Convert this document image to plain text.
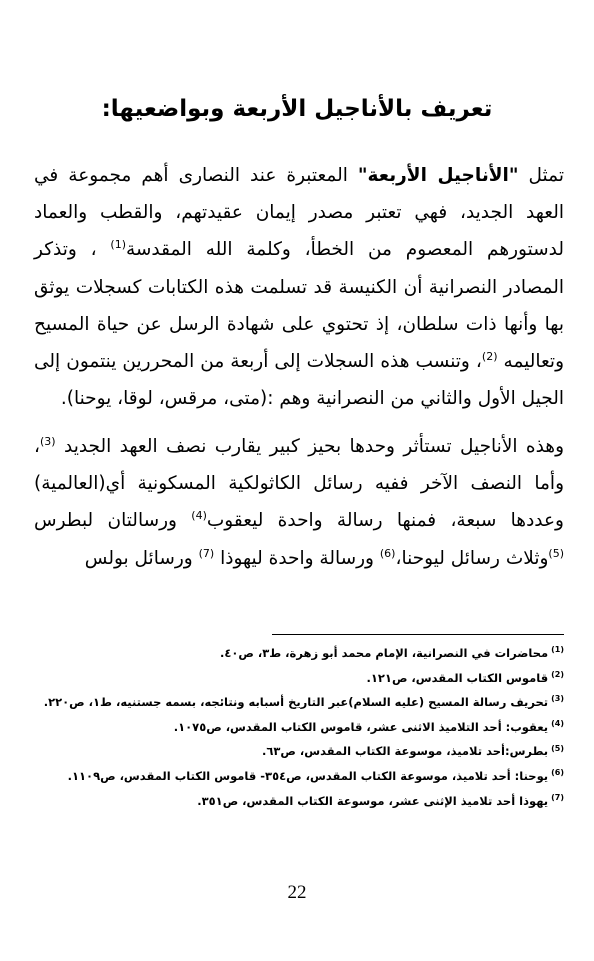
تعريف بالأناجيل الأربعة وبواضعيها:

تمثل "الأناجيل الأربعة" المعتبرة عند النصارى أهم مجموعة في العهد الجديد، فهي تعتبر مصدر إيمان عقيدتهم، والقطب والعماد لدستورهم المعصوم من الخطأ، وكلمة الله المقدسة$^{(1)}$ ، وتذكر المصادر النصرانية أن الكنيسة قد تسلمت هذه الكتابات كسجلات يوثق بها وأنها ذات سلطان، إذ تحتوي على شهادة الرسل عن حياة المسيح وتعاليمه $^{(2)}$، وتنسب هذه السجلات إلى أربعة من المحررين ينتمون إلى الجيل الأول والثاني من النصرانية وهم :(متى، مرقس، لوقا، يوحنا).

وهذه الأناجيل تستأثر وحدها بحيز كبير يقارب نصف العهد الجديد $^{(3)}$، وأما النصف الآخر ففيه رسائل الكاثولكية المسكونية أي(العالمية) وعددها سبعة، فمنها رسالة واحدة ليعقوب$^{(4)}$ ورسالتان لبطرس $^{(5)}$وثلاث رسائل ليوحنا،$^{(6)}$ ورسالة واحدة ليهوذا $^{(7)}$ ورسائل بولس

$^{(1)}$محاضرات في النصرانية، الإمام محمد أبو زهرة، ط٣، ص٤٠.
$^{(2)}$قاموس الكتاب المقدس، ص١٢١.
$^{(3)}$تحريف رسالة المسيح (عليه السلام)عبر التاريخ أسبابه ونتائجه، بسمه جستنيه، ط١، ص٢٢٠.
$^{(4)}$يعقوب: أحد التلاميذ الاثنى عشر، قاموس الكتاب المقدس، ص١٠٧٥.
$^{(5)}$بطرس:أحد تلاميذ، موسوعة الكتاب المقدس، ص٦٣.
$^{(6)}$يوحنا: أحد تلاميذ، موسوعة الكتاب المقدس، ص٣٥٤- قاموس الكتاب المقدس، ص١١٠٩.
$^{(7)}$يهوذا أحد تلاميذ الإثنى عشر، موسوعة الكتاب المقدس، ص٣٥١.
22
